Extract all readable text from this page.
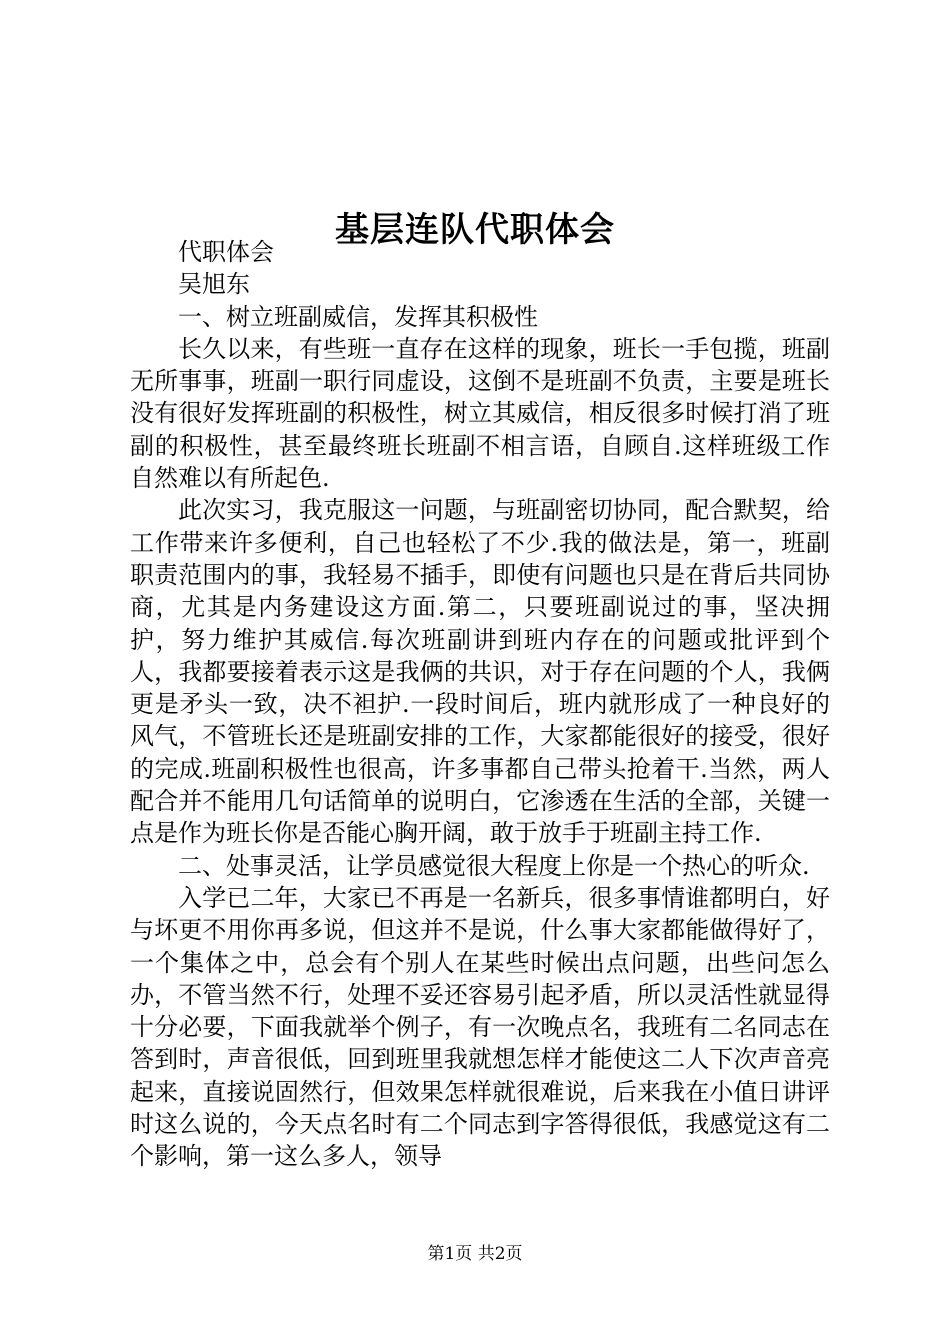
基层连队代职体会

代职体会

吴旭东

一、树立班副威信，发挥其积极性

长久以来，有些班一直存在这样的现象，班长一手包揽，班副无所事事，班副一职行同虚设，这倒不是班副不负责，主要是班长没有很好发挥班副的积极性，树立其威信，相反很多时候打消了班副的积极性，甚至最终班长班副不相言语，自顾自.这样班级工作自然难以有所起色.

此次实习，我克服这一问题，与班副密切协同，配合默契，给工作带来许多便利，自己也轻松了不少.我的做法是，第一，班副职责范围内的事，我轻易不插手，即使有问题也只是在背后共同协商，尤其是内务建设这方面.第二，只要班副说过的事，坚决拥护，努力维护其威信.每次班副讲到班内存在的问题或批评到个人，我都要接着表示这是我俩的共识，对于存在问题的个人，我俩更是矛头一致，决不袒护.一段时间后，班内就形成了一种良好的风气，不管班长还是班副安排的工作，大家都能很好的接受，很好的完成.班副积极性也很高，许多事都自己带头抢着干.当然，两人配合并不能用几句话简单的说明白，它渗透在生活的全部，关键一点是作为班长你是否能心胸开阔，敢于放手于班副主持工作.

二、处事灵活，让学员感觉很大程度上你是一个热心的听众.

入学已二年，大家已不再是一名新兵，很多事情谁都明白，好与坏更不用你再多说，但这并不是说，什么事大家都能做得好了，一个集体之中，总会有个别人在某些时候出点问题，出些问怎么办，不管当然不行，处理不妥还容易引起矛盾，所以灵活性就显得十分必要，下面我就举个例子，有一次晚点名，我班有二名同志在答到时，声音很低，回到班里我就想怎样才能使这二人下次声音亮起来，直接说固然行，但效果怎样就很难说，后来我在小值日讲评时这么说的，今天点名时有二个同志到字答得很低，我感觉这有二个影响，第一这么多人，领导

第1页 共2页
